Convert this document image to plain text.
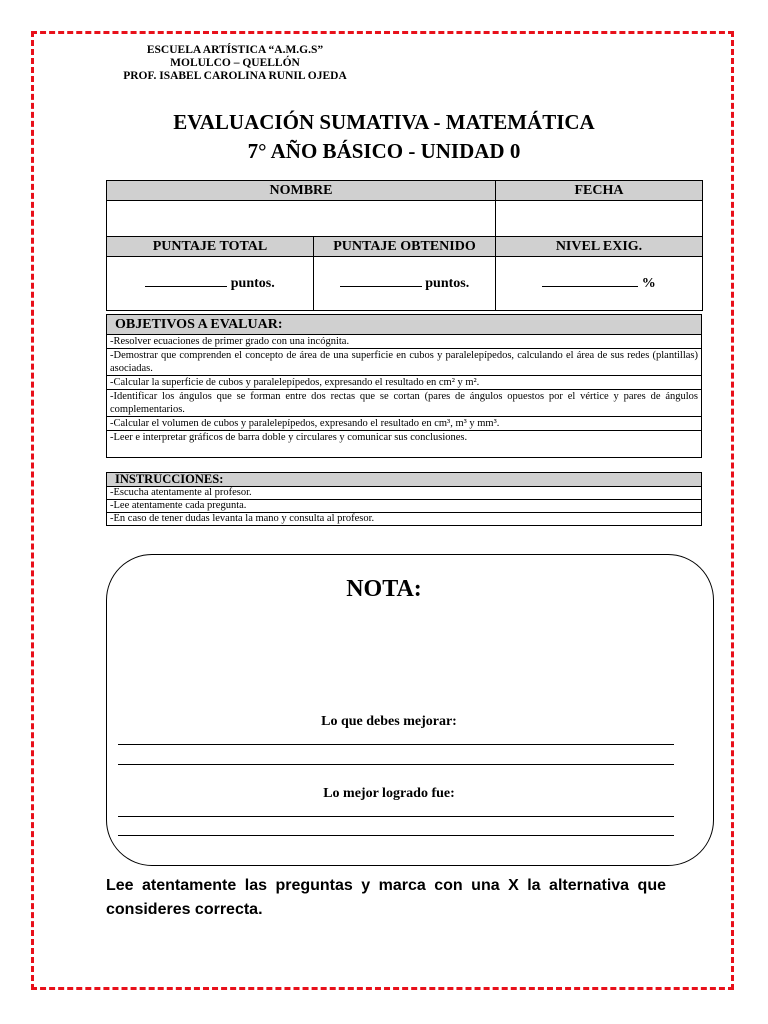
ESCUELA ARTÍSTICA “A.M.G.S”
MOLULCO – QUELLÓN
PROF. ISABEL CAROLINA RUNIL OJEDA
EVALUACIÓN SUMATIVA - MATEMÁTICA
7° AÑO BÁSICO - UNIDAD 0
NOMBRE		FECHA

PUNTAJE TOTAL	PUNTAJE OBTENIDO	NIVEL EXIG.
puntos.	puntos.	%
OBJETIVOS A EVALUAR:
-Resolver ecuaciones de primer grado con una incógnita.
-Demostrar que comprenden el concepto de área de una superficie en cubos y paralelepípedos, calculando el área de sus redes (plantillas) asociadas.
-Calcular la superficie de cubos y paralelepípedos, expresando el resultado en cm² y m².
-Identificar los ángulos que se forman entre dos rectas que se cortan (pares de ángulos opuestos por el vértice y pares de ángulos complementarios.
-Calcular el volumen de cubos y paralelepípedos, expresando el resultado en cm³, m³ y mm³.
-Leer e interpretar gráficos de barra doble y circulares y comunicar sus conclusiones.
INSTRUCCIONES:
-Escucha atentamente al profesor.
-Lee atentamente cada pregunta.
-En caso de tener dudas levanta la mano y consulta al profesor.
NOTA:
Lo que debes mejorar:
Lo mejor logrado fue:
Lee atentamente las preguntas y marca con una X la alternativa que consideres correcta.
